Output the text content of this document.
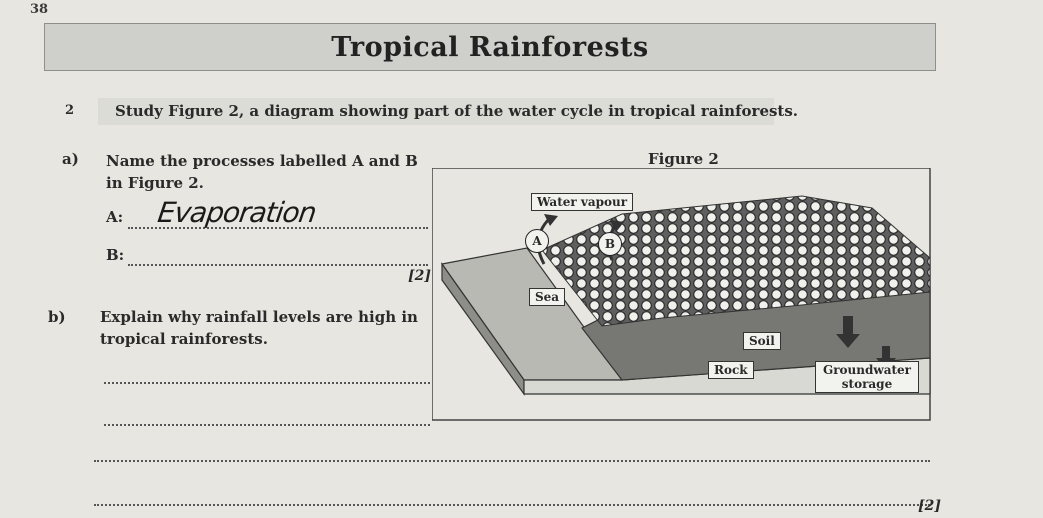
38
Tropical Rainforests
2	Study Figure 2, a diagram showing part of the water cycle in tropical rainforests.
a) Name the processes labelled A and B in Figure 2.
A: Evaporation
B:
[2]
b) Explain why rainfall levels are high in tropical rainforests.
[2]
Figure 2
Water vapour
A	B
Sea
Soil
Rock	Groundwater storage
